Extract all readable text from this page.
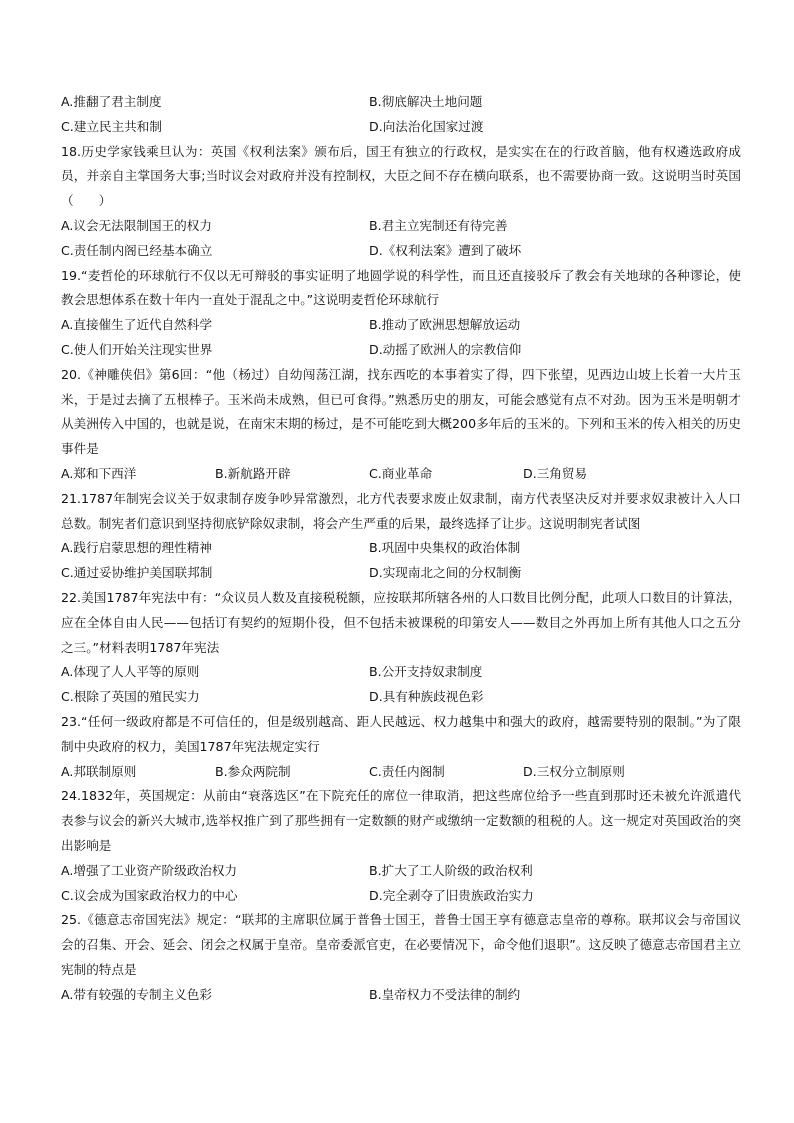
A.推翻了君主制度	B.彻底解决土地问题
C.建立民主共和制	D.向法治化国家过渡
18.历史学家钱乘旦认为：英国《权利法案》颁布后，国王有独立的行政权，是实实在在的行政首脑，他有权遴选政府成员，并亲自主掌国务大事;当时议会对政府并没有控制权，大臣之间不存在横向联系，也不需要协商一致。这说明当时英国（　　）
A.议会无法限制国王的权力	B.君主立宪制还有待完善
C.责任制内阁已经基本确立	D.《权利法案》遭到了破坏
19.“麦哲伦的环球航行不仅以无可辩驳的事实证明了地圆学说的科学性，而且还直接驳斥了教会有关地球的各种谬论，使教会思想体系在数十年内一直处于混乱之中。”这说明麦哲伦环球航行
A.直接催生了近代自然科学	B.推动了欧洲思想解放运动
C.使人们开始关注现实世界	D.动摇了欧洲人的宗教信仰
20.《神雕侠侣》第6回：“他（杨过）自幼闯荡江湖，找东西吃的本事着实了得，四下张望，见西边山坡上长着一大片玉米，于是过去摘了五根棒子。玉米尚未成熟，但已可食得。”熟悉历史的朋友，可能会感觉有点不对劲。因为玉米是明朝才从美洲传入中国的，也就是说，在南宋末期的杨过，是不可能吃到大概200多年后的玉米的。下列和玉米的传入相关的历史事件是
A.郑和下西洋	B.新航路开辟	C.商业革命	D.三角贸易
21.1787年制宪会议关于奴隶制存废争吵异常激烈，北方代表要求废止奴隶制，南方代表坚决反对并要求奴隶被计入人口总数。制宪者们意识到坚持彻底铲除奴隶制，将会产生严重的后果，最终选择了让步。这说明制宪者试图
A.践行启蒙思想的理性精神	B.巩固中央集权的政治体制
C.通过妥协维护美国联邦制	D.实现南北之间的分权制衡
22.美国1787年宪法中有：“众议员人数及直接税税额，应按联邦所辖各州的人口数目比例分配，此项人口数目的计算法，应在全体自由人民——包括订有契约的短期仆役，但不包括未被课税的印第安人——数目之外再加上所有其他人口之五分之三。”材料表明1787年宪法
A.体现了人人平等的原则	B.公开支持奴隶制度
C.根除了英国的殖民实力	D.具有种族歧视色彩
23.“任何一级政府都是不可信任的，但是级别越高、距人民越远、权力越集中和强大的政府，越需要特别的限制。”为了限制中央政府的权力，美国1787年宪法规定实行
A.邦联制原则	B.参众两院制	C.责任内阁制	D.三权分立制原则
24.1832年，英国规定：从前由“衰落选区”在下院充任的席位一律取消，把这些席位给予一些直到那时还未被允许派遣代表参与议会的新兴大城市,选举权推广到了那些拥有一定数额的财产或缴纳一定数额的租税的人。这一规定对英国政治的突出影响是
A.增强了工业资产阶级政治权力	B.扩大了工人阶级的政治权利
C.议会成为国家政治权力的中心	D.完全剥夺了旧贵族政治实力
25.《德意志帝国宪法》规定：“联邦的主席职位属于普鲁士国王，普鲁士国王享有德意志皇帝的尊称。联邦议会与帝国议会的召集、开会、延会、闭会之权属于皇帝。皇帝委派官吏，在必要情况下，命令他们退职”。这反映了德意志帝国君主立宪制的特点是
A.带有较强的专制主义色彩	B.皇帝权力不受法律的制约
